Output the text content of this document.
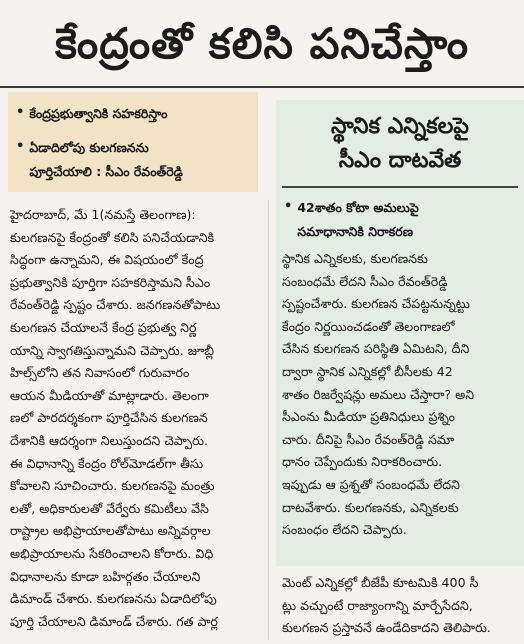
కేంద్రంతో కలిసి పనిచేస్తాం
• కేంద్రప్రభుత్వానికి సహకరిస్తాం
• ఏడాదిలోపు కులగణనను
పూర్తిచేయాలి : సీఎం రేవంత్‌రెడ్డి
హైదరాబాద్, మే 1(నమస్తే తెలంగాణ):
కులగణనపై కేంద్రంతో కలిసి పనిచేయడానికి
సిద్ధంగా ఉన్నామని, ఈ విషయంలో కేంద్ర
ప్రభుత్వానికి పూర్తిగా సహకరిస్తామని సీఎం
రేవంత్‌రెడ్డి స్పష్టం చేశారు. జనగణనతోపాటు
కులగణన చేయాలనే కేంద్ర ప్రభుత్వ నిర్ణ
యాన్ని స్వాగతిస్తున్నామని చెప్పారు. జూబ్లీ
హిల్స్‌లోని తన నివాసంలో గురువారం
ఆయన మీడియాతో మాట్లాడారు. తెలంగా
ణలో పారదర్శకంగా పూర్తిచేసిన కులగణన
దేశానికి ఆదర్శంగా నిలుస్తుందని చెప్పారు.
ఈ విధానాన్ని కేంద్రం రోల్‌మోడల్‌గా తీసు
కోవాలని సూచించారు. కులగణనపై మంత్రు
లతో, అధికారులతో వేర్వేరు కమిటీలు వేసి
రాష్ట్రాల అభిప్రాయాలతోపాటు అన్నివర్గాల
అభిప్రాయాలను సేకరించాలని కోరారు. విధి
విధానాలను కూడా బహిర్గతం చేయాలని
డిమాండ్ చేశారు. కులగణనను ఏడాదిలోపు
పూర్తి చేయాలని డిమాండ్ చేశారు. గత పార్ల
స్థానిక ఎన్నికలపై
సీఎం దాటవేత
• 42శాతం కోటా అమలుపై
సమాధానానికి నిరాకరణ
స్థానిక ఎన్నికలకు, కులగణనకు
సంబంధమే లేదని సీఎం రేవంత్‌రెడ్డి
స్పష్టంచేశారు. కులగణన చేపట్టనున్నట్టు
కేంద్రం నిర్ణయించడంతో తెలంగాణలో
చేసిన కులగణన పరిస్థితి ఏమిటని, దీని
ద్వారా స్థానిక ఎన్నికల్లో బీసీలకు 42
శాతం రిజర్వేషన్లు అమలు చేస్తారా? అని
సీఎంను మీడియా ప్రతినిధులు ప్రశ్నిం
చారు. దీనిపై సీఎం రేవంత్‌రెడ్డి సమా
ధానం చెప్పేందుకు నిరాకరించారు.
ఇప్పుడు ఆ ప్రశ్నతో సంబంధమే లేదని
దాటవేశారు. కులగణనకు, ఎన్నికలకు
సంబంధం లేదని చెప్పారు.
మెంట్ ఎన్నికల్లో బీజేపీ కూటమికి 400 సీ
ట్లు వచ్చుంటే రాజ్యాంగాన్ని మార్చేసేదని,
కులగణన ప్రస్తావనే ఉండేదికాదని తెలిపారు.
